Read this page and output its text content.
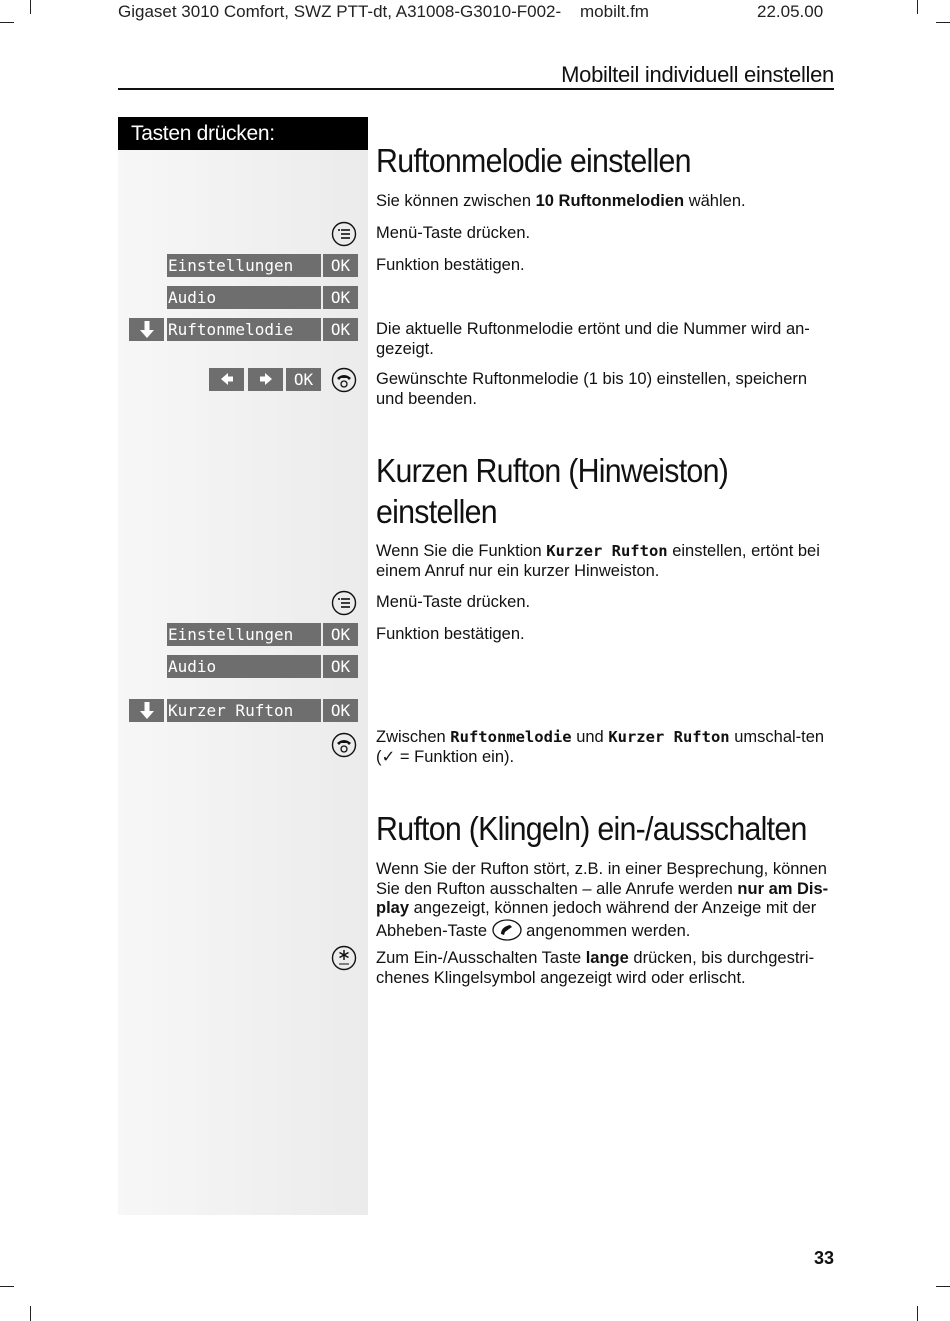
Gigaset 3010 Comfort, SWZ PTT-dt, A31008-G3010-F002- mobilt.fm	22.05.00
Mobilteil individuell einstellen
Tasten drücken:
Ruftonmelodie einstellen
Sie können zwischen 10 Ruftonmelodien wählen.
Menü-Taste drücken.
Einstellungen	OK	Funktion bestätigen.
Audio	OK
Ruftonmelodie	OK	Die aktuelle Ruftonmelodie ertönt und die Nummer wird an-gezeigt.
OK	Gewünschte Ruftonmelodie (1 bis 10) einstellen, speichern und beenden.
Kurzen Rufton (Hinweiston)
einstellen
Wenn Sie die Funktion Kurzer Rufton einstellen, ertönt bei einem Anruf nur ein kurzer Hinweiston.
Menü-Taste drücken.
Einstellungen	OK	Funktion bestätigen.
Audio	OK
Kurzer Rufton	OK
Zwischen Ruftonmelodie und Kurzer Rufton umschal-ten (✓ = Funktion ein).
Rufton (Klingeln) ein-/ausschalten
Wenn Sie der Rufton stört, z.B. in einer Besprechung, können Sie den Rufton ausschalten – alle Anrufe werden nur am Dis-play angezeigt, können jedoch während der Anzeige mit der Abheben-Taste  angenommen werden.
Zum Ein-/Ausschalten Taste lange drücken, bis durchgestri-chenes Klingelsymbol angezeigt wird oder erlischt.
33
